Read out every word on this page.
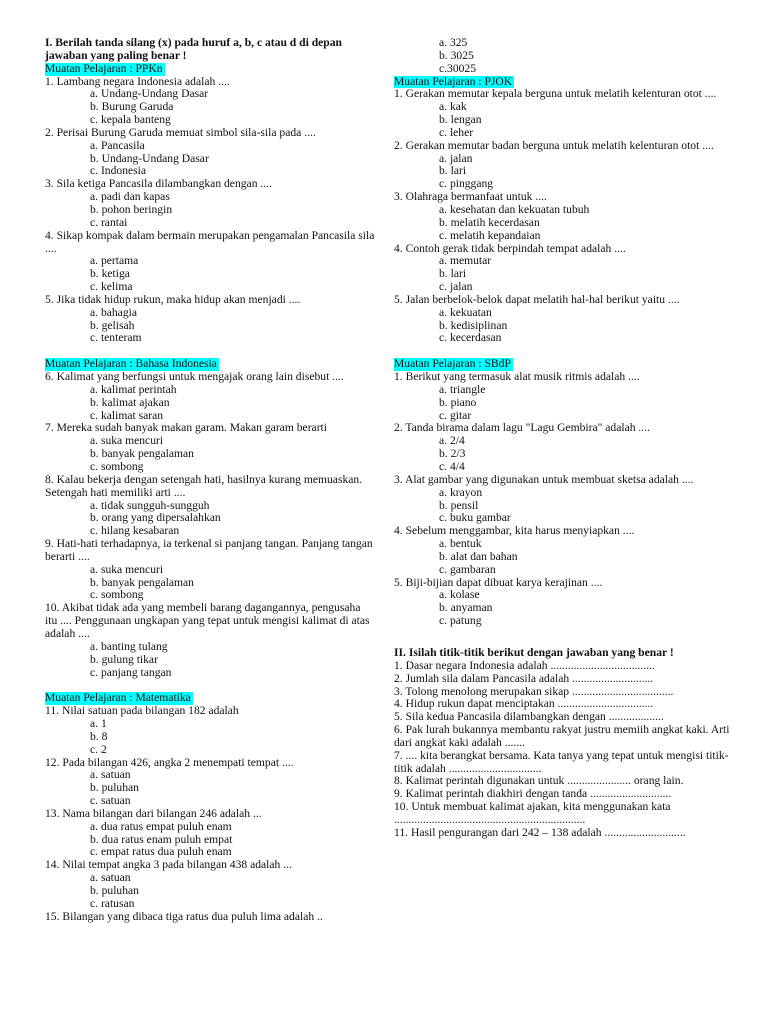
I. Berilah tanda silang (x) pada huruf a, b, c atau d di depan jawaban yang paling benar !
Muatan Pelajaran : PPKn
1. Lambang negara Indonesia adalah ....
a. Undang-Undang Dasar
b. Burung Garuda
c. kepala banteng
2. Perisai Burung Garuda memuat simbol sila-sila pada ....
a. Pancasila
b. Undang-Undang Dasar
c. Indonesia
3. Sila ketiga Pancasila dilambangkan dengan ....
a. padi dan kapas
b. pohon beringin
c. rantai
4. Sikap kompak dalam bermain merupakan pengamalan Pancasila sila ....
a. pertama
b. ketiga
c. kelima
5. Jika tidak hidup rukun, maka hidup akan menjadi ....
a. bahagia
b. gelisah
c. tenteram
Muatan Pelajaran : Bahasa Indonesia
6. Kalimat yang berfungsi untuk mengajak orang lain disebut ....
a. kalimat perintah
b. kalimat ajakan
c. kalimat saran
7. Mereka sudah banyak makan garam. Makan garam berarti
a. suka mencuri
b. banyak pengalaman
c. sombong
8. Kalau bekerja dengan setengah hati, hasilnya kurang memuaskan. Setengah hati memiliki arti ....
a. tidak sungguh-sungguh
b. orang yang dipersalahkan
c. hilang kesabaran
9. Hati-hati terhadapnya, ia terkenal si panjang tangan. Panjang tangan berarti ....
a. suka mencuri
b. banyak pengalaman
c. sombong
10. Akibat tidak ada yang membeli barang dagangannya, pengusaha itu .... Penggunaan ungkapan yang tepat untuk mengisi kalimat di atas adalah ....
a. banting tulang
b. gulung tikar
c. panjang tangan
Muatan Pelajaran : Matematika
11. Nilai satuan pada bilangan 182 adalah
a. 1
b. 8
c. 2
12. Pada bilangan 426, angka 2 menempati tempat ....
a. satuan
b. puluhan
c. satuan
13. Nama bilangan dari bilangan 246 adalah ...
a. dua ratus empat puluh enam
b. dua ratus enam puluh empat
c. empat ratus dua puluh enam
14. Nilai tempat angka 3 pada bilangan 438 adalah ...
a. satuan
b. puluhan
c. ratusan
15. Bilangan yang dibaca tiga ratus dua puluh lima adalah ..
a. 325
b. 3025
c.30025
Muatan Pelajaran : PJOK
1. Gerakan memutar kepala berguna untuk melatih kelenturan otot ....
a. kak
b. lengan
c. leher
2. Gerakan memutar badan berguna untuk melatih kelenturan otot ....
a. jalan
b. lari
c. pinggang
3. Olahraga bermanfaat untuk ....
a. kesehatan dan kekuatan tubuh
b. melatih kecerdasan
c. melatih kepandaian
4. Contoh gerak tidak berpindah tempat adalah ....
a. memutar
b. lari
c. jalan
5. Jalan berbelok-belok dapat melatih hal-hal berikut yaitu ....
a. kekuatan
b. kedisiplinan
c. kecerdasan
Muatan Pelajaran : SBdP
1. Berikut yang termasuk alat musik ritmis adalah ....
a. triangle
b. piano
c. gitar
2. Tanda birama dalam lagu "Lagu Gembira" adalah ....
a. 2/4
b. 2/3
c. 4/4
3. Alat gambar yang digunakan untuk membuat sketsa adalah ....
a. krayon
b. pensil
c. buku gambar
4. Sebelum menggambar, kita harus menyiapkan ....
a. bentuk
b. alat dan bahan
c. gambaran
5. Biji-bijian dapat dibuat karya kerajinan ....
a. kolase
b. anyaman
c. patung
II. Isilah titik-titik berikut dengan jawaban yang benar !
1. Dasar negara Indonesia adalah ....................................
2. Jumlah sila dalam Pancasila adalah ............................
3. Tolong menolong merupakan sikap ...................................
4. Hidup rukun dapat menciptakan .................................
5. Sila kedua Pancasila dilambangkan dengan ...................
6. Pak lurah bukannya membantu rakyat justru memiih angkat kaki. Arti dari angkat kaki adalah .......
7. .... kita berangkat bersama. Kata tanya yang tepat untuk mengisi titik-titik adalah ................................
8. Kalimat perintah digunakan untuk ...................... orang lain.
9. Kalimat perintah diakhiri dengan tanda ............................
10. Untuk membuat kalimat ajakan, kita menggunakan kata ..................................................................
11. Hasil pengurangan dari 242 – 138 adalah ............................
